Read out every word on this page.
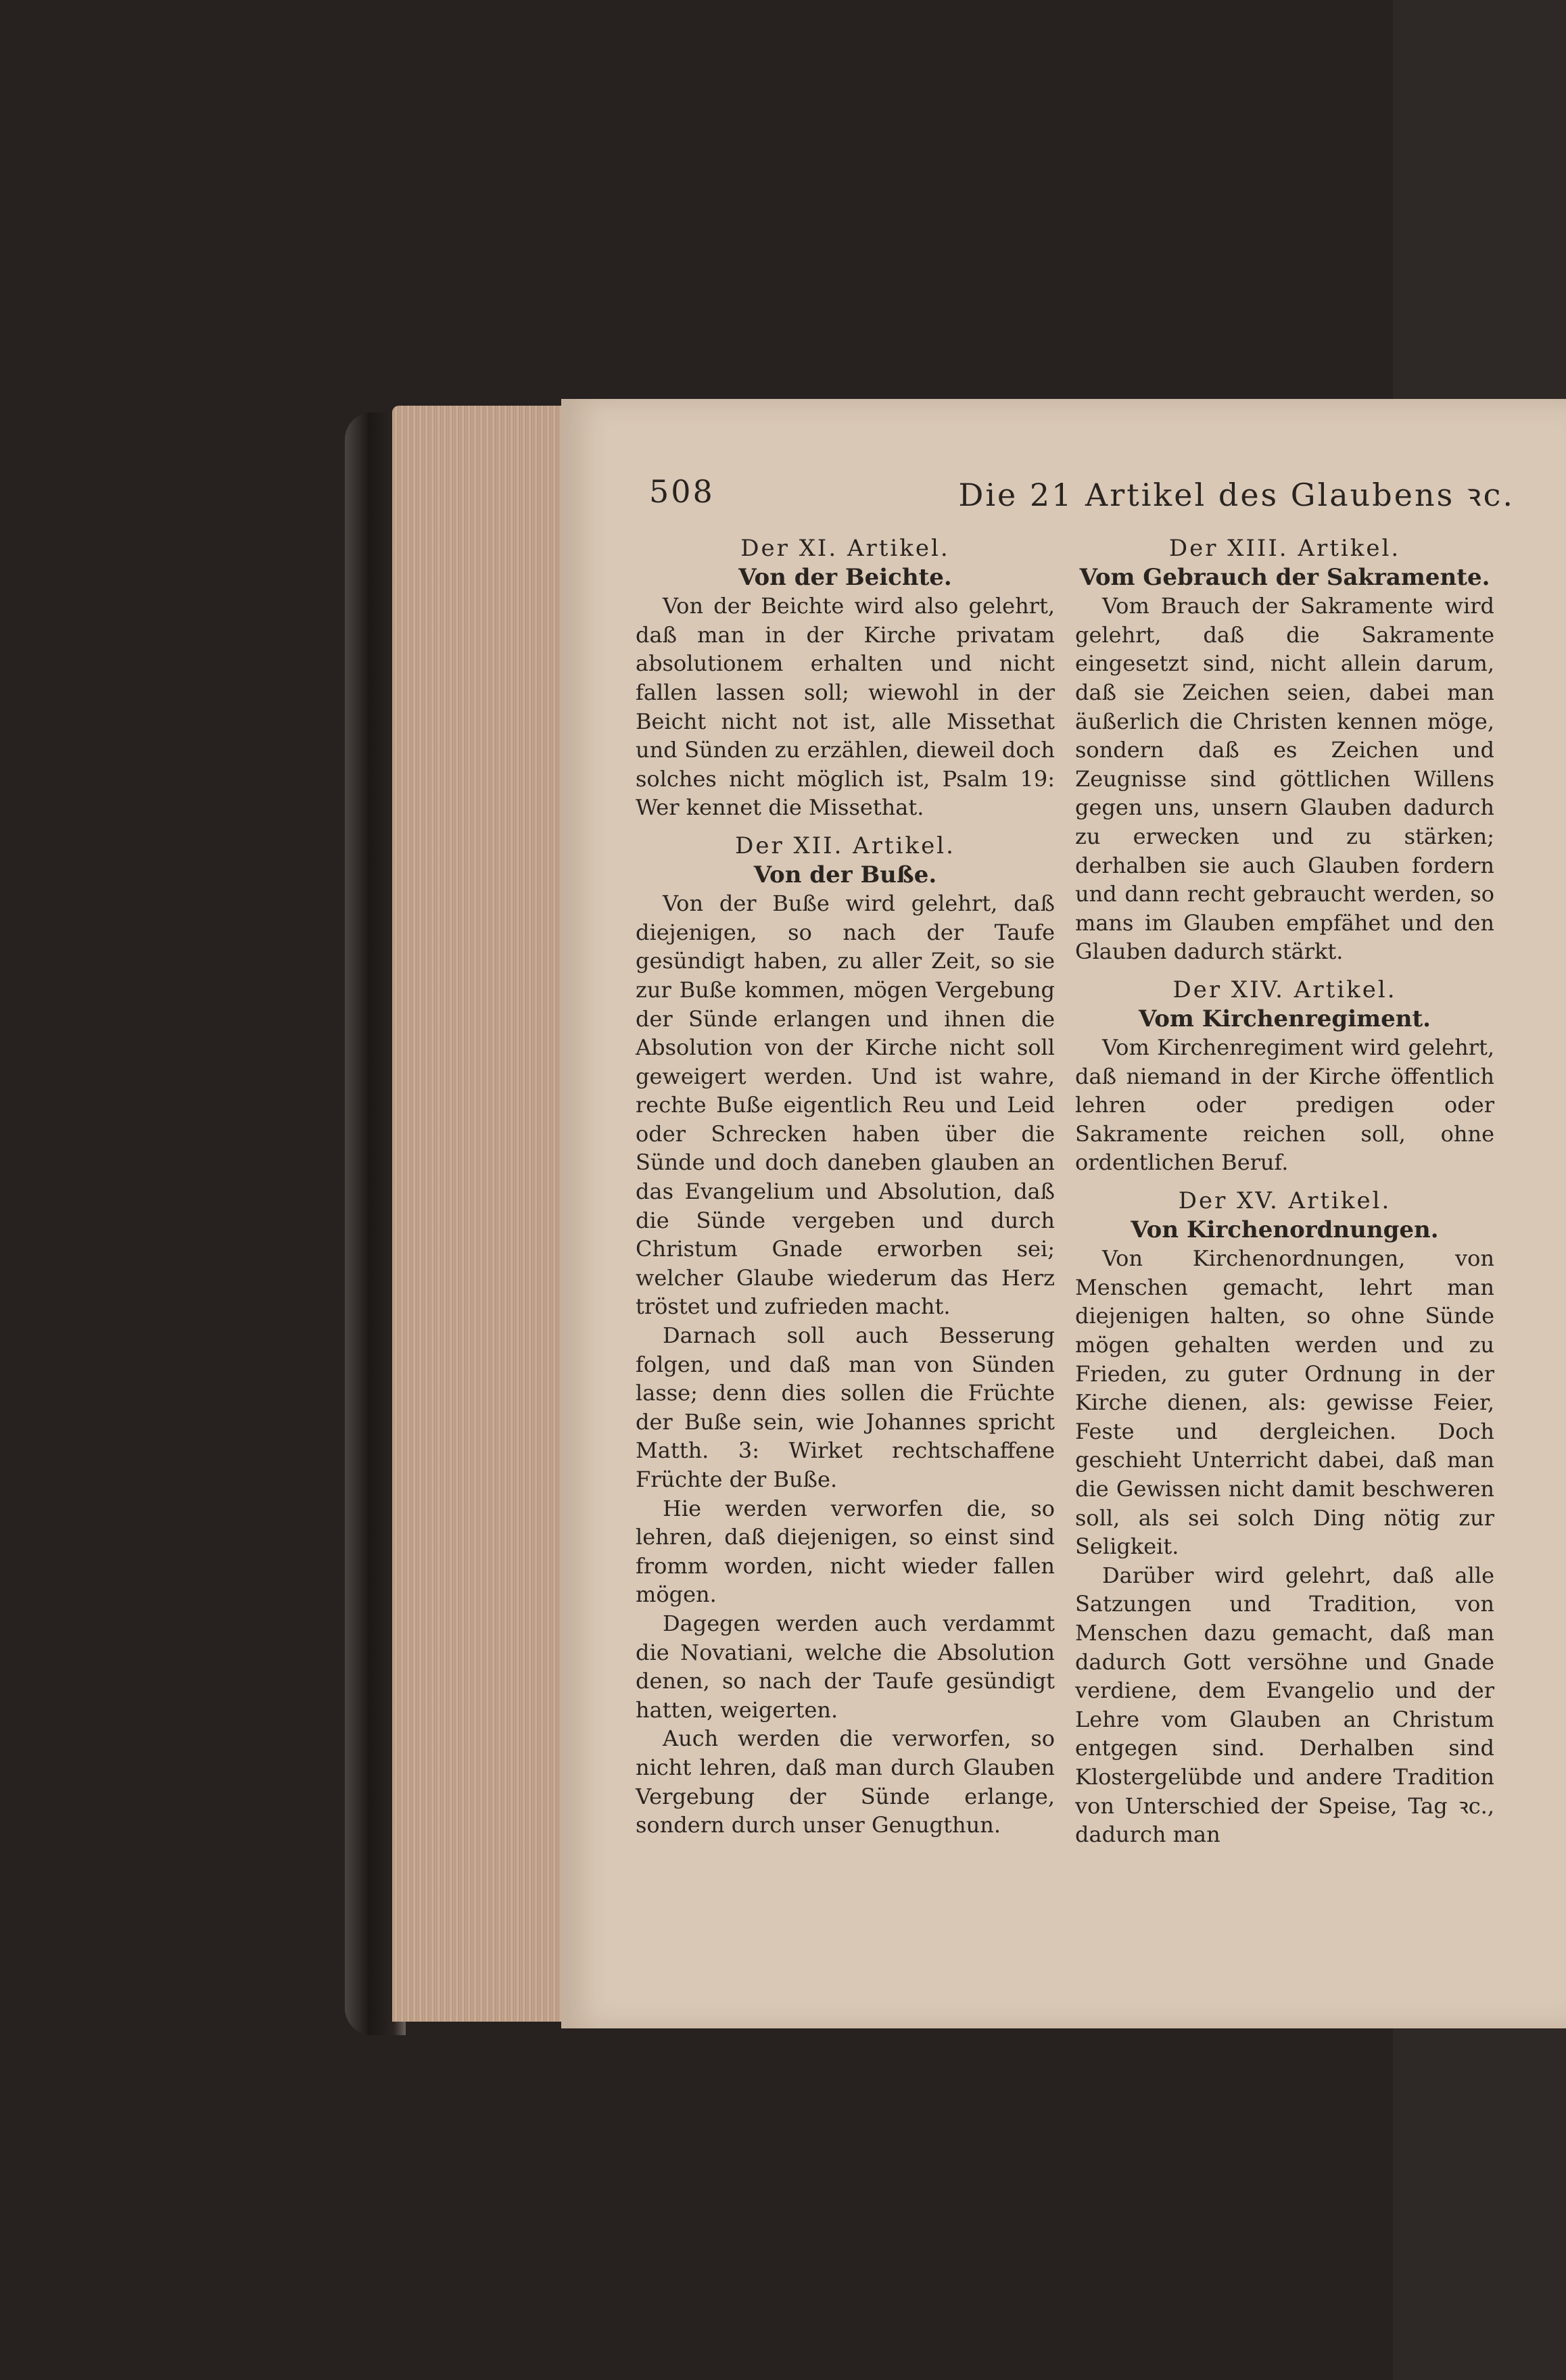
508	Die 21 Artikel des Glaubens ꝛc.

Der XI. Artikel.

Von der Beichte.

Von der Beichte wird also gelehrt, daß man in der Kirche privatam absolutionem erhalten und nicht fallen lassen soll; wiewohl in der Beicht nicht not ist, alle Missethat und Sünden zu erzählen, dieweil doch solches nicht möglich ist, Psalm 19: Wer kennet die Missethat.

Der XII. Artikel.

Von der Buße.

Von der Buße wird gelehrt, daß diejenigen, so nach der Taufe gesündigt haben, zu aller Zeit, so sie zur Buße kommen, mögen Vergebung der Sünde erlangen und ihnen die Absolution von der Kirche nicht soll geweigert werden. Und ist wahre, rechte Buße eigentlich Reu und Leid oder Schrecken haben über die Sünde und doch daneben glauben an das Evangelium und Absolution, daß die Sünde vergeben und durch Christum Gnade erworben sei; welcher Glaube wiederum das Herz tröstet und zufrieden macht.

Darnach soll auch Besserung folgen, und daß man von Sünden lasse; denn dies sollen die Früchte der Buße sein, wie Johannes spricht Matth. 3: Wirket rechtschaffene Früchte der Buße.

Hie werden verworfen die, so lehren, daß diejenigen, so einst sind fromm worden, nicht wieder fallen mögen.

Dagegen werden auch verdammt die Novatiani, welche die Absolution denen, so nach der Taufe gesündigt hatten, weigerten.

Auch werden die verworfen, so nicht lehren, daß man durch Glauben Vergebung der Sünde erlange, sondern durch unser Genugthun.

Der XIII. Artikel.

Vom Gebrauch der Sakramente.

Vom Brauch der Sakramente wird gelehrt, daß die Sakramente eingesetzt sind, nicht allein darum, daß sie Zeichen seien, dabei man äußerlich die Christen kennen möge, sondern daß es Zeichen und Zeugnisse sind göttlichen Willens gegen uns, unsern Glauben dadurch zu erwecken und zu stärken; derhalben sie auch Glauben fordern und dann recht gebraucht werden, so mans im Glauben empfähet und den Glauben dadurch stärkt.

Der XIV. Artikel.

Vom Kirchenregiment.

Vom Kirchenregiment wird gelehrt, daß niemand in der Kirche öffentlich lehren oder predigen oder Sakramente reichen soll, ohne ordentlichen Beruf.

Der XV. Artikel.

Von Kirchenordnungen.

Von Kirchenordnungen, von Menschen gemacht, lehrt man diejenigen halten, so ohne Sünde mögen gehalten werden und zu Frieden, zu guter Ordnung in der Kirche dienen, als: gewisse Feier, Feste und dergleichen. Doch geschieht Unterricht dabei, daß man die Gewissen nicht damit beschweren soll, als sei solch Ding nötig zur Seligkeit.

Darüber wird gelehrt, daß alle Satzungen und Tradition, von Menschen dazu gemacht, daß man dadurch Gott versöhne und Gnade verdiene, dem Evangelio und der Lehre vom Glauben an Christum entgegen sind. Derhalben sind Klostergelübde und andere Tradition von Unterschied der Speise, Tag ꝛc., dadurch man
